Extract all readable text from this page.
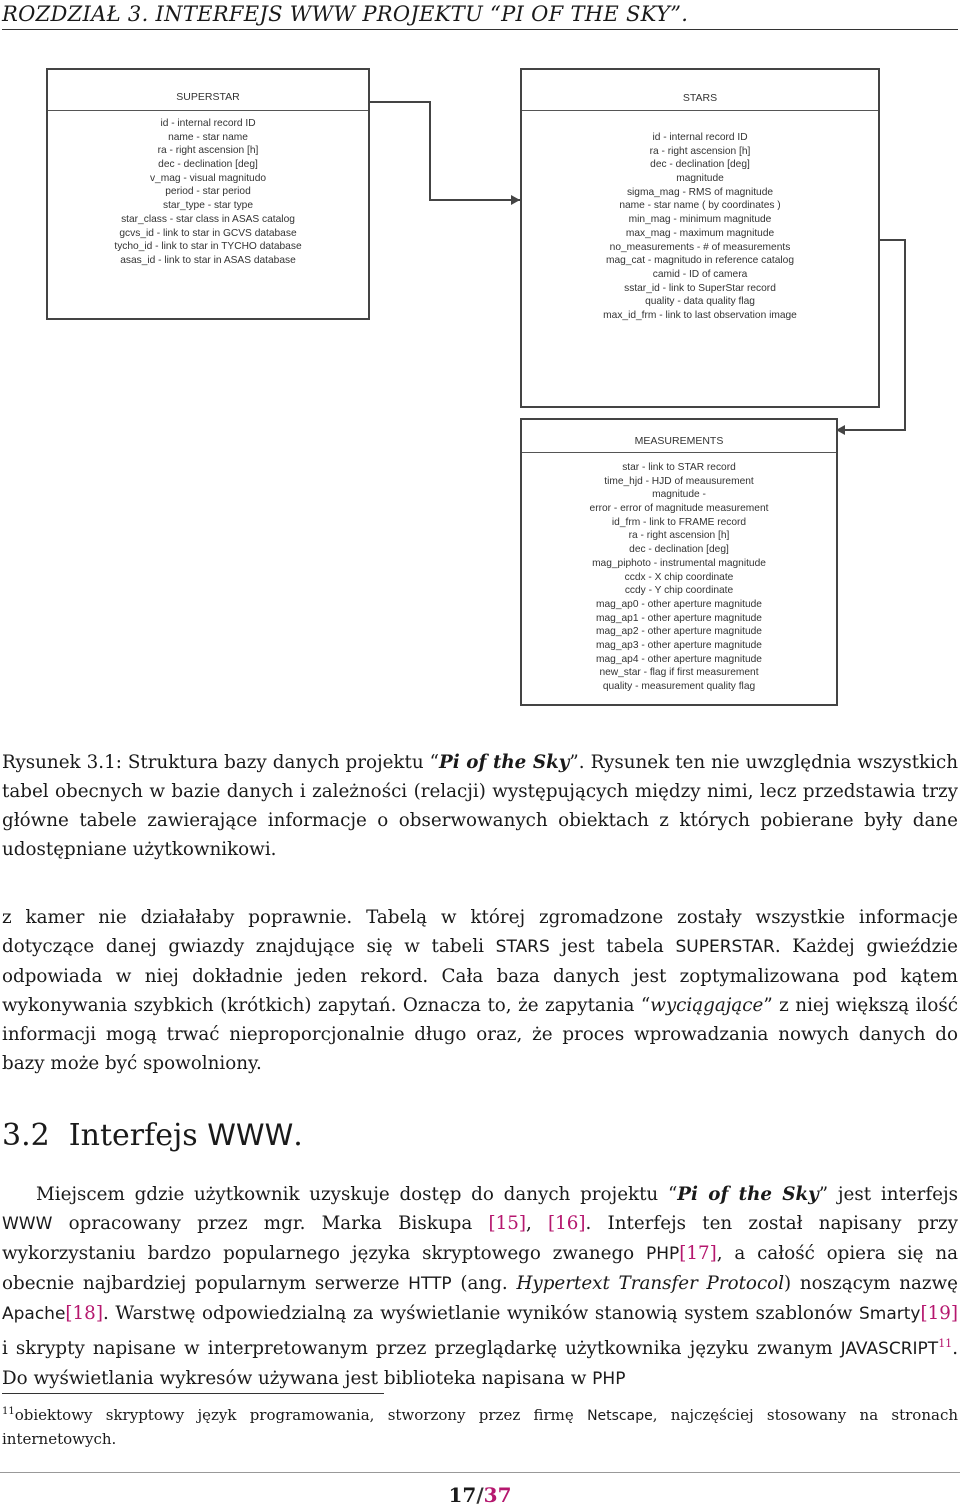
ROZDZIAŁ 3. INTERFEJS WWW PROJEKTU “PI OF THE SKY”.
SUPERSTAR
id - internal record ID
name - star name
ra - right ascension [h]
dec - declination [deg]
v_mag - visual magnitudo
period - star period
star_type - star type
star_class - star class in ASAS catalog
gcvs_id - link to star in GCVS database
tycho_id - link to star in TYCHO database
asas_id - link to star in ASAS database
STARS
id - internal record ID
ra - right ascension [h]
dec - declination [deg]
magnitude
sigma_mag - RMS of magnitude
name - star name ( by coordinates )
min_mag - minimum magnitude
max_mag - maximum magnitude
no_measurements - # of measurements
mag_cat - magnitudo in reference catalog
camid - ID of camera
sstar_id - link to SuperStar record
quality - data quality flag
max_id_frm - link to last observation image
MEASUREMENTS
star - link to STAR record
time_hjd - HJD of meausurement
magnitude -
error - error of magnitude measurement
id_frm - link to FRAME record
ra - right ascension [h]
dec - declination [deg]
mag_piphoto - instrumental magnitude
ccdx - X chip coordinate
ccdy - Y chip coordinate
mag_ap0 - other aperture magnitude
mag_ap1 - other aperture magnitude
mag_ap2 - other aperture magnitude
mag_ap3 - other aperture magnitude
mag_ap4 - other aperture magnitude
new_star - flag if first measurement
quality - measurement quality flag
Rysunek 3.1: Struktura bazy danych projektu “Pi of the Sky”. Rysunek ten nie uwzględnia wszystkich tabel obecnych w bazie danych i zależności (relacji) występujących między nimi, lecz przedstawia trzy główne tabele zawierające informacje o obserwowanych obiektach z których pobierane były dane udostępniane użytkownikowi.
z kamer nie działałaby poprawnie. Tabelą w której zgromadzone zostały wszystkie informacje dotyczące danej gwiazdy znajdujące się w tabeli STARS jest tabela SUPERSTAR. Każdej gwieździe odpowiada w niej dokładnie jeden rekord. Cała baza danych jest zoptymalizowana pod kątem wykonywania szybkich (krótkich) zapytań. Oznacza to, że zapytania “wyciągające” z niej większą ilość informacji mogą trwać nieproporcjonalnie długo oraz, że proces wprowadzania nowych danych do bazy może być spowolniony.
3.2 Interfejs WWW.
Miejscem gdzie użytkownik uzyskuje dostęp do danych projektu “Pi of the Sky” jest interfejs WWW opracowany przez mgr. Marka Biskupa [15], [16]. Interfejs ten został napisany przy wykorzystaniu bardzo popularnego języka skryptowego zwanego PHP[17], a całość opiera się na obecnie najbardziej popularnym serwerze HTTP (ang. Hypertext Transfer Protocol) noszącym nazwę Apache[18]. Warstwę odpowiedzialną za wyświetlanie wyników stanowią system szablonów Smarty[19] i skrypty napisane w interpretowanym przez przeglądarkę użytkownika języku zwanym JAVASCRIPT$^{11}$. Do wyświetlania wykresów używana jest biblioteka napisana w PHP
$^{11}$obiektowy skryptowy język programowania, stworzony przez firmę Netscape, najczęściej stosowany na stronach internetowych.
17/37
